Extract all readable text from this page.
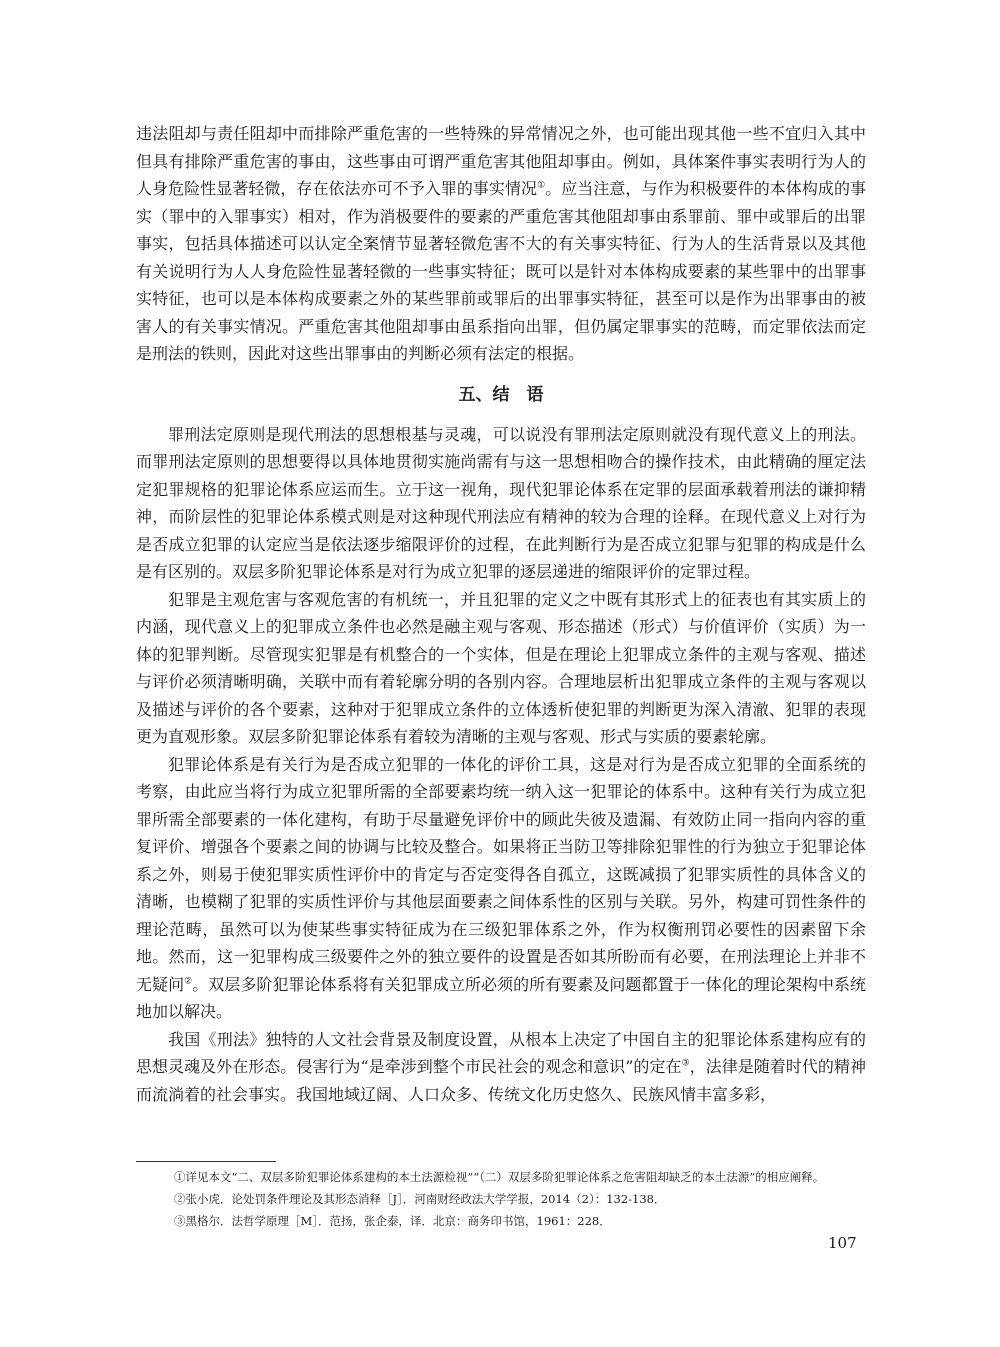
违法阻却与责任阻却中而排除严重危害的一些特殊的异常情况之外，也可能出现其他一些不宜归入其中但具有排除严重危害的事由，这些事由可谓严重危害其他阻却事由。例如，具体案件事实表明行为人的人身危险性显著轻微，存在依法亦可不予入罪的事实情况①。应当注意，与作为积极要件的本体构成的事实（罪中的入罪事实）相对，作为消极要件的要素的严重危害其他阻却事由系罪前、罪中或罪后的出罪事实，包括具体描述可以认定全案情节显著轻微危害不大的有关事实特征、行为人的生活背景以及其他有关说明行为人人身危险性显著轻微的一些事实特征；既可以是针对本体构成要素的某些罪中的出罪事实特征，也可以是本体构成要素之外的某些罪前或罪后的出罪事实特征，甚至可以是作为出罪事由的被害人的有关事实情况。严重危害其他阻却事由虽系指向出罪，但仍属定罪事实的范畴，而定罪依法而定是刑法的铁则，因此对这些出罪事由的判断必须有法定的根据。

五、结　语

罪刑法定原则是现代刑法的思想根基与灵魂，可以说没有罪刑法定原则就没有现代意义上的刑法。而罪刑法定原则的思想要得以具体地贯彻实施尚需有与这一思想相吻合的操作技术，由此精确的厘定法定犯罪规格的犯罪论体系应运而生。立于这一视角，现代犯罪论体系在定罪的层面承载着刑法的谦抑精神，而阶层性的犯罪论体系模式则是对这种现代刑法应有精神的较为合理的诠释。在现代意义上对行为是否成立犯罪的认定应当是依法逐步缩限评价的过程，在此判断行为是否成立犯罪与犯罪的构成是什么是有区别的。双层多阶犯罪论体系是对行为成立犯罪的逐层递进的缩限评价的定罪过程。

犯罪是主观危害与客观危害的有机统一，并且犯罪的定义之中既有其形式上的征表也有其实质上的内涵，现代意义上的犯罪成立条件也必然是融主观与客观、形态描述（形式）与价值评价（实质）为一体的犯罪判断。尽管现实犯罪是有机整合的一个实体，但是在理论上犯罪成立条件的主观与客观、描述与评价必须清晰明确，关联中而有着轮廓分明的各别内容。合理地层析出犯罪成立条件的主观与客观以及描述与评价的各个要素，这种对于犯罪成立条件的立体透析使犯罪的判断更为深入清澈、犯罪的表现更为直观形象。双层多阶犯罪论体系有着较为清晰的主观与客观、形式与实质的要素轮廓。

犯罪论体系是有关行为是否成立犯罪的一体化的评价工具，这是对行为是否成立犯罪的全面系统的考察，由此应当将行为成立犯罪所需的全部要素均统一纳入这一犯罪论的体系中。这种有关行为成立犯罪所需全部要素的一体化建构，有助于尽量避免评价中的顾此失彼及遗漏、有效防止同一指向内容的重复评价、增强各个要素之间的协调与比较及整合。如果将正当防卫等排除犯罪性的行为独立于犯罪论体系之外，则易于使犯罪实质性评价中的肯定与否定变得各自孤立，这既减损了犯罪实质性的具体含义的清晰，也模糊了犯罪的实质性评价与其他层面要素之间体系性的区别与关联。另外，构建可罚性条件的理论范畴，虽然可以为使某些事实特征成为在三级犯罪体系之外，作为权衡刑罚必要性的因素留下余地。然而，这一犯罪构成三级要件之外的独立要件的设置是否如其所盼而有必要，在刑法理论上并非不无疑问②。双层多阶犯罪论体系将有关犯罪成立所必须的所有要素及问题都置于一体化的理论架构中系统地加以解决。

我国《刑法》独特的人文社会背景及制度设置，从根本上决定了中国自主的犯罪论体系建构应有的思想灵魂及外在形态。侵害行为“是牵涉到整个市民社会的观念和意识”的定在③，法律是随着时代的精神而流淌着的社会事实。我国地域辽阔、人口众多、传统文化历史悠久、民族风情丰富多彩，

①详见本文“二、双层多阶犯罪论体系建构的本土法源检视”“（二）双层多阶犯罪论体系之危害阻却缺乏的本土法源”的相应阐释。
②张小虎．论处罚条件理论及其形态消释［J］．河南财经政法大学学报，2014（2）：132-138．
③黑格尔．法哲学原理［M］．范扬，张企泰，译．北京：商务印书馆，1961：228．
107
